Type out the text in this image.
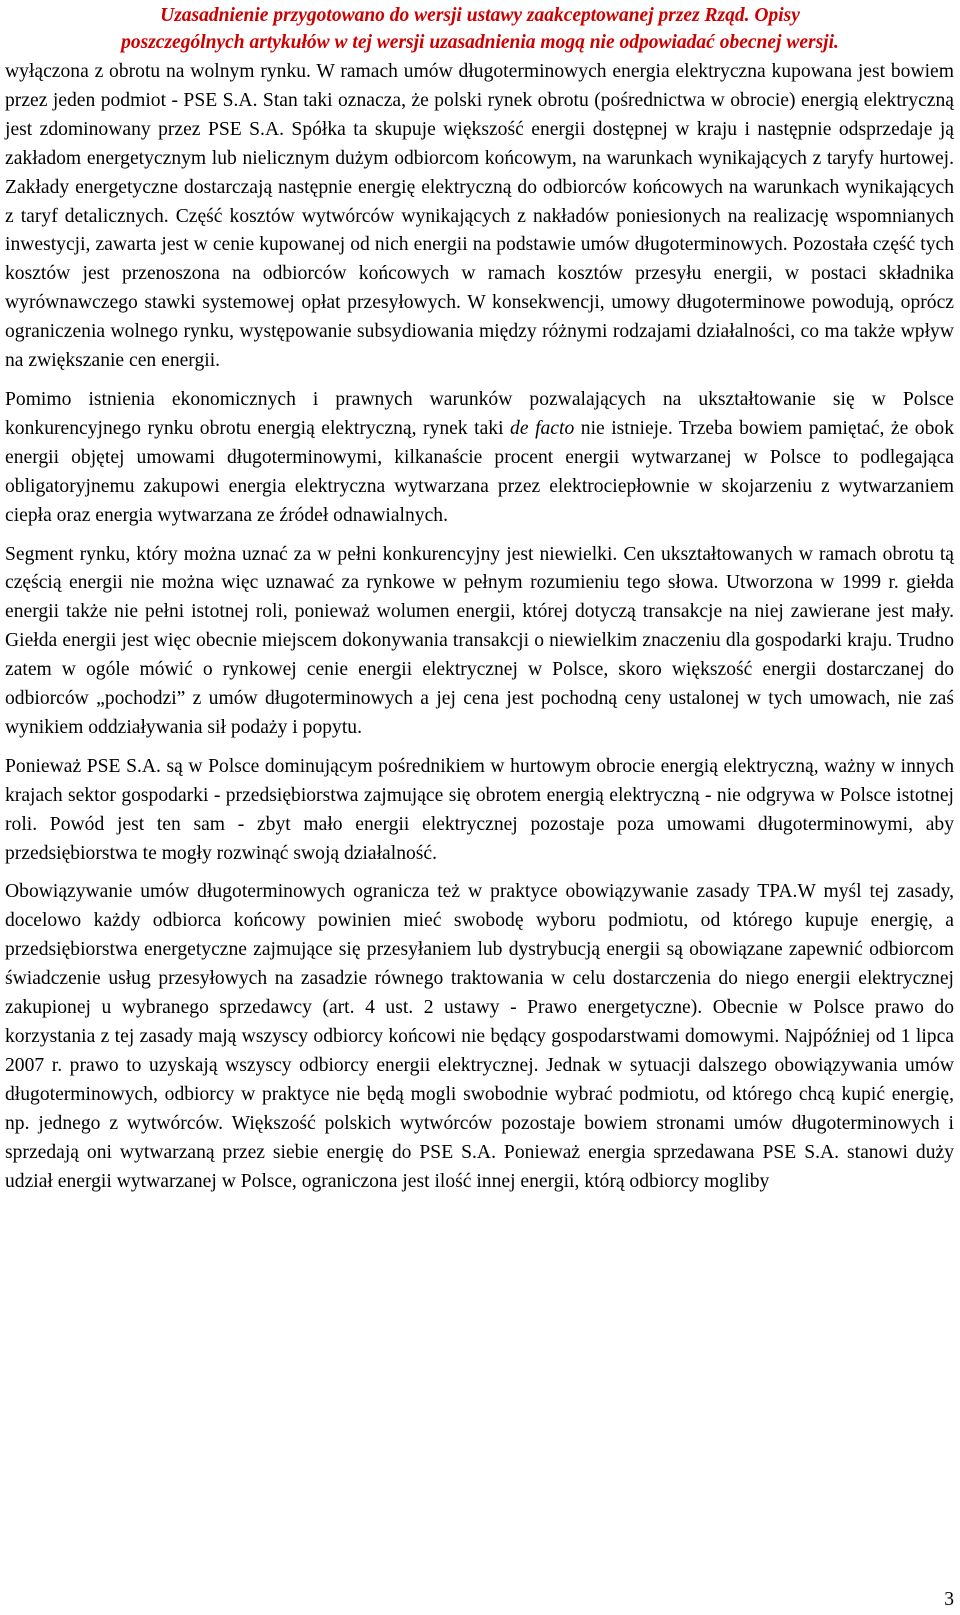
Uzasadnienie przygotowano do wersji ustawy zaakceptowanej przez Rząd. Opisy
poszczególnych artykułów w tej wersji uzasadnienia mogą nie odpowiadać obecnej wersji.

wyłączona z obrotu na wolnym rynku. W ramach umów długoterminowych energia elektryczna kupowana jest bowiem przez jeden podmiot - PSE S.A. Stan taki oznacza, że polski rynek obrotu (pośrednictwa w obrocie) energią elektryczną jest zdominowany przez PSE S.A. Spółka ta skupuje większość energii dostępnej w kraju i następnie odsprzedaje ją zakładom energetycznym lub nielicznym dużym odbiorcom końcowym, na warunkach wynikających z taryfy hurtowej. Zakłady energetyczne dostarczają następnie energię elektryczną do odbiorców końcowych na warunkach wynikających z taryf detalicznych. Część kosztów wytwórców wynikających z nakładów poniesionych na realizację wspomnianych inwestycji, zawarta jest w cenie kupowanej od nich energii na podstawie umów długoterminowych. Pozostała część tych kosztów jest przenoszona na odbiorców końcowych w ramach kosztów przesyłu energii, w postaci składnika wyrównawczego stawki systemowej opłat przesyłowych. W konsekwencji, umowy długoterminowe powodują, oprócz ograniczenia wolnego rynku, występowanie subsydiowania między różnymi rodzajami działalności, co ma także wpływ na zwiększanie cen energii.

Pomimo istnienia ekonomicznych i prawnych warunków pozwalających na ukształtowanie się w Polsce konkurencyjnego rynku obrotu energią elektryczną, rynek taki de facto nie istnieje. Trzeba bowiem pamiętać, że obok energii objętej umowami długoterminowymi, kilkanaście procent energii wytwarzanej w Polsce to podlegająca obligatoryjnemu zakupowi energia elektryczna wytwarzana przez elektrociepłownie w skojarzeniu z wytwarzaniem ciepła oraz energia wytwarzana ze źródeł odnawialnych.

Segment rynku, który można uznać za w pełni konkurencyjny jest niewielki. Cen ukształtowanych w ramach obrotu tą częścią energii nie można więc uznawać za rynkowe w pełnym rozumieniu tego słowa. Utworzona w 1999 r. giełda energii także nie pełni istotnej roli, ponieważ wolumen energii, której dotyczą transakcje na niej zawierane jest mały. Giełda energii jest więc obecnie miejscem dokonywania transakcji o niewielkim znaczeniu dla gospodarki kraju. Trudno zatem w ogóle mówić o rynkowej cenie energii elektrycznej w Polsce, skoro większość energii dostarczanej do odbiorców „pochodzi” z umów długoterminowych a jej cena jest pochodną ceny ustalonej w tych umowach, nie zaś wynikiem oddziaływania sił podaży i popytu.

Ponieważ PSE S.A. są w Polsce dominującym pośrednikiem w hurtowym obrocie energią elektryczną, ważny w innych krajach sektor gospodarki - przedsiębiorstwa zajmujące się obrotem energią elektryczną - nie odgrywa w Polsce istotnej roli. Powód jest ten sam - zbyt mało energii elektrycznej pozostaje poza umowami długoterminowymi, aby przedsiębiorstwa te mogły rozwinąć swoją działalność.

Obowiązywanie umów długoterminowych ogranicza też w praktyce obowiązywanie zasady TPA.W myśl tej zasady, docelowo każdy odbiorca końcowy powinien mieć swobodę wyboru podmiotu, od którego kupuje energię, a przedsiębiorstwa energetyczne zajmujące się przesyłaniem lub dystrybucją energii są obowiązane zapewnić odbiorcom świadczenie usług przesyłowych na zasadzie równego traktowania w celu dostarczenia do niego energii elektrycznej zakupionej u wybranego sprzedawcy (art. 4 ust. 2 ustawy - Prawo energetyczne). Obecnie w Polsce prawo do korzystania z tej zasady mają wszyscy odbiorcy końcowi nie będący gospodarstwami domowymi. Najpóźniej od 1 lipca 2007 r. prawo to uzyskają wszyscy odbiorcy energii elektrycznej. Jednak w sytuacji dalszego obowiązywania umów długoterminowych, odbiorcy w praktyce nie będą mogli swobodnie wybrać podmiotu, od którego chcą kupić energię, np. jednego z wytwórców. Większość polskich wytwórców pozostaje bowiem stronami umów długoterminowych i sprzedają oni wytwarzaną przez siebie energię do PSE S.A. Ponieważ energia sprzedawana PSE S.A. stanowi duży udział energii wytwarzanej w Polsce, ograniczona jest ilość innej energii, którą odbiorcy mogliby

3
